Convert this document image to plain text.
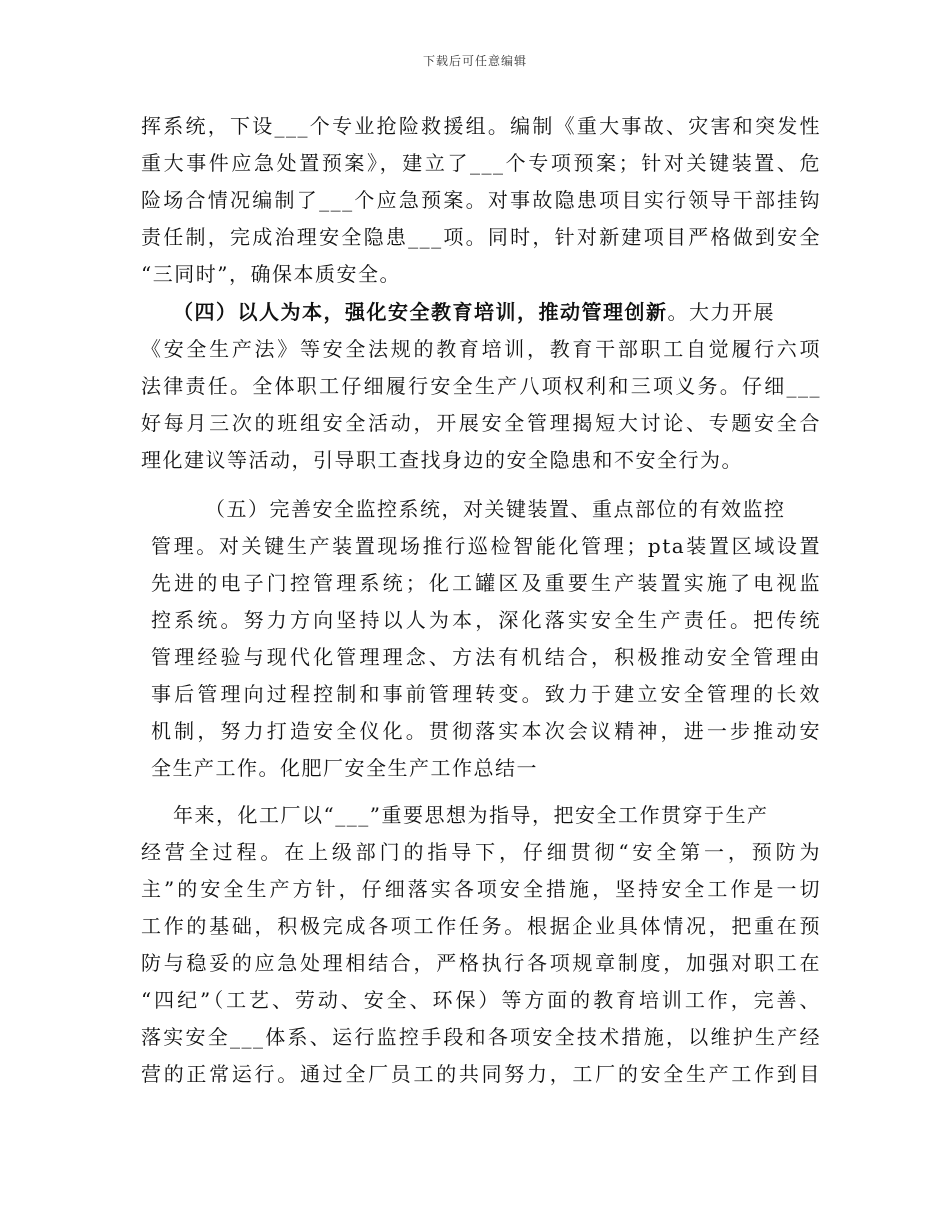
下载后可任意编辑
挥系统，下设___个专业抢险救援组。编制《重大事故、灾害和突发性
重大事件应急处置预案》，建立了___个专项预案；针对关键装置、危
险场合情况编制了___个应急预案。对事故隐患项目实行领导干部挂钩
责任制，完成治理安全隐患___项。同时，针对新建项目严格做到安全
“三同时”，确保本质安全。
（四）以人为本，强化安全教育培训，推动管理创新。大力开展
《安全生产法》等安全法规的教育培训，教育干部职工自觉履行六项
法律责任。全体职工仔细履行安全生产八项权利和三项义务。仔细___
好每月三次的班组安全活动，开展安全管理揭短大讨论、专题安全合
理化建议等活动，引导职工查找身边的安全隐患和不安全行为。
（五）完善安全监控系统，对关键装置、重点部位的有效监控
管理。对关键生产装置现场推行巡检智能化管理；pta装置区域设置
先进的电子门控管理系统；化工罐区及重要生产装置实施了电视监
控系统。努力方向坚持以人为本，深化落实安全生产责任。把传统
管理经验与现代化管理理念、方法有机结合，积极推动安全管理由
事后管理向过程控制和事前管理转变。致力于建立安全管理的长效
机制，努力打造安全仪化。贯彻落实本次会议精神，进一步推动安
全生产工作。化肥厂安全生产工作总结一
年来，化工厂以“___”重要思想为指导，把安全工作贯穿于生产
经营全过程。在上级部门的指导下，仔细贯彻“安全第一，预防为
主”的安全生产方针，仔细落实各项安全措施，坚持安全工作是一切
工作的基础，积极完成各项工作任务。根据企业具体情况，把重在预
防与稳妥的应急处理相结合，严格执行各项规章制度，加强对职工在
“四纪”（工艺、劳动、安全、环保）等方面的教育培训工作，完善、
落实安全___体系、运行监控手段和各项安全技术措施，以维护生产经
营的正常运行。通过全厂员工的共同努力，工厂的安全生产工作到目
